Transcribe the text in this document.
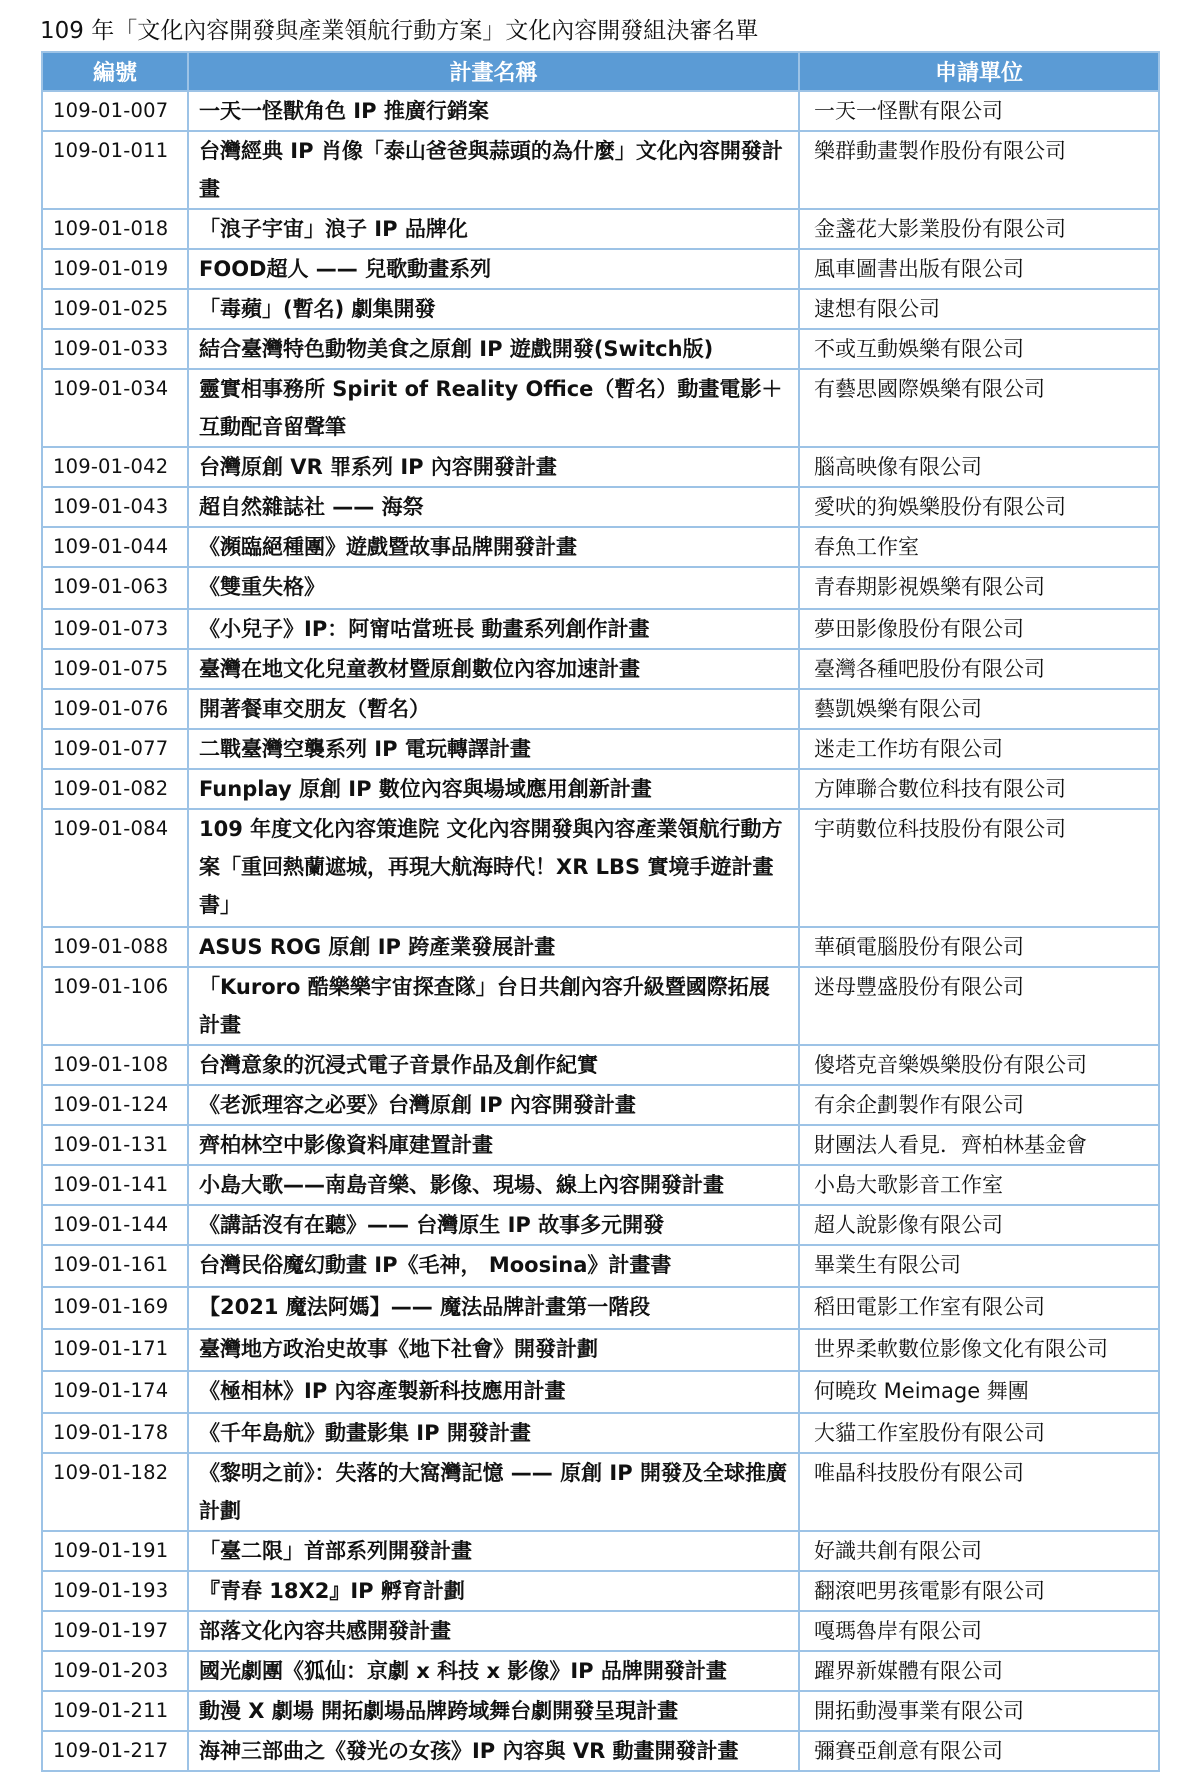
109 年「文化內容開發與產業領航行動方案」文化內容開發組決審名單
編號	計畫名稱	申請單位
109-01-007	一天一怪獸角色 IP 推廣行銷案	一天一怪獸有限公司
109-01-011	台灣經典 IP 肖像「泰山爸爸與蒜頭的為什麼」文化內容開發計畫	樂群動畫製作股份有限公司
109-01-018	「浪子宇宙」浪子 IP 品牌化	金盞花大影業股份有限公司
109-01-019	FOOD超人 —— 兒歌動畫系列	風車圖書出版有限公司
109-01-025	「毒蘋」(暫名) 劇集開發	逮想有限公司
109-01-033	結合臺灣特色動物美食之原創 IP 遊戲開發(Switch版)	不或互動娛樂有限公司
109-01-034	靈實相事務所 Spirit of Reality Office（暫名）動畫電影＋互動配音留聲筆	有藝思國際娛樂有限公司
109-01-042	台灣原創 VR 罪系列 IP 內容開發計畫	腦高映像有限公司
109-01-043	超自然雜誌社 —— 海祭	愛吠的狗娛樂股份有限公司
109-01-044	《瀕臨絕種團》遊戲暨故事品牌開發計畫	春魚工作室
109-01-063	《雙重失格》	青春期影視娛樂有限公司
109-01-073	《小兒子》IP：阿甯咕當班長 動畫系列創作計畫	夢田影像股份有限公司
109-01-075	臺灣在地文化兒童教材暨原創數位內容加速計畫	臺灣各種吧股份有限公司
109-01-076	開著餐車交朋友（暫名）	藝凱娛樂有限公司
109-01-077	二戰臺灣空襲系列 IP 電玩轉譯計畫	迷走工作坊有限公司
109-01-082	Funplay 原創 IP 數位內容與場域應用創新計畫	方陣聯合數位科技有限公司
109-01-084	109 年度文化內容策進院 文化內容開發與內容產業領航行動方案「重回熱蘭遮城，再現大航海時代！XR LBS 實境手遊計畫書」	宇萌數位科技股份有限公司
109-01-088	ASUS ROG 原創 IP 跨產業發展計畫	華碩電腦股份有限公司
109-01-106	「Kuroro 酷樂樂宇宙探查隊」台日共創內容升級暨國際拓展計畫	迷母豐盛股份有限公司
109-01-108	台灣意象的沉浸式電子音景作品及創作紀實	傻塔克音樂娛樂股份有限公司
109-01-124	《老派理容之必要》台灣原創 IP 內容開發計畫	有余企劃製作有限公司
109-01-131	齊柏林空中影像資料庫建置計畫	財團法人看見．齊柏林基金會
109-01-141	小島大歌——南島音樂、影像、現場、線上內容開發計畫	小島大歌影音工作室
109-01-144	《講話沒有在聽》—— 台灣原生 IP 故事多元開發	超人說影像有限公司
109-01-161	台灣民俗魔幻動畫 IP《毛神， Moosina》計畫書	畢業生有限公司
109-01-169	【2021 魔法阿媽】—— 魔法品牌計畫第一階段	稻田電影工作室有限公司
109-01-171	臺灣地方政治史故事《地下社會》開發計劃	世界柔軟數位影像文化有限公司
109-01-174	《極相林》IP 內容產製新科技應用計畫	何曉玫 Meimage 舞團
109-01-178	《千年島航》動畫影集 IP 開發計畫	大貓工作室股份有限公司
109-01-182	《黎明之前》：失落的大窩灣記憶 —— 原創 IP 開發及全球推廣計劃	唯晶科技股份有限公司
109-01-191	「臺二限」首部系列開發計畫	好識共創有限公司
109-01-193	『青春 18X2』IP 孵育計劃	翻滾吧男孩電影有限公司
109-01-197	部落文化內容共感開發計畫	嘎瑪魯岸有限公司
109-01-203	國光劇團《狐仙：京劇 x 科技 x 影像》IP 品牌開發計畫	躍界新媒體有限公司
109-01-211	動漫 X 劇場 開拓劇場品牌跨域舞台劇開發呈現計畫	開拓動漫事業有限公司
109-01-217	海神三部曲之《發光の女孩》IP 內容與 VR 動畫開發計畫	彌賽亞創意有限公司
